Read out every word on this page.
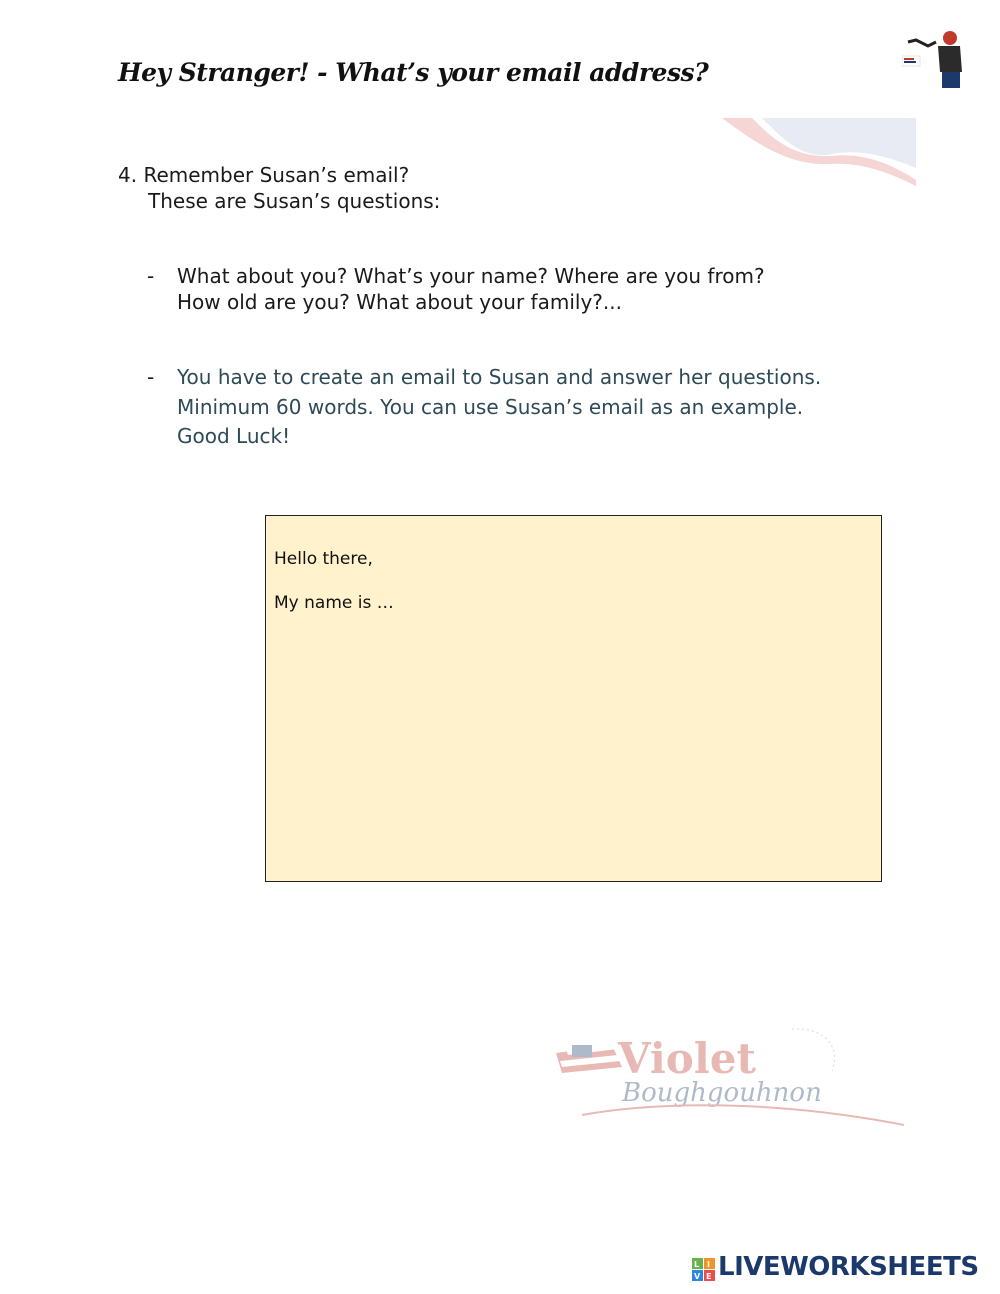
Hey Stranger! - What’s your email address?
4. Remember Susan’s email?
These are Susan’s questions:
- What about you? What’s your name? Where are you from?
How old are you? What about your family?...
- You have to create an email to Susan and answer her questions.
Minimum 60 words. You can use Susan’s email as an example.
Good Luck!
Hello there,
My name is …
Violet
Boughgouhnon
L I
V E LIVEWORKSHEETS
